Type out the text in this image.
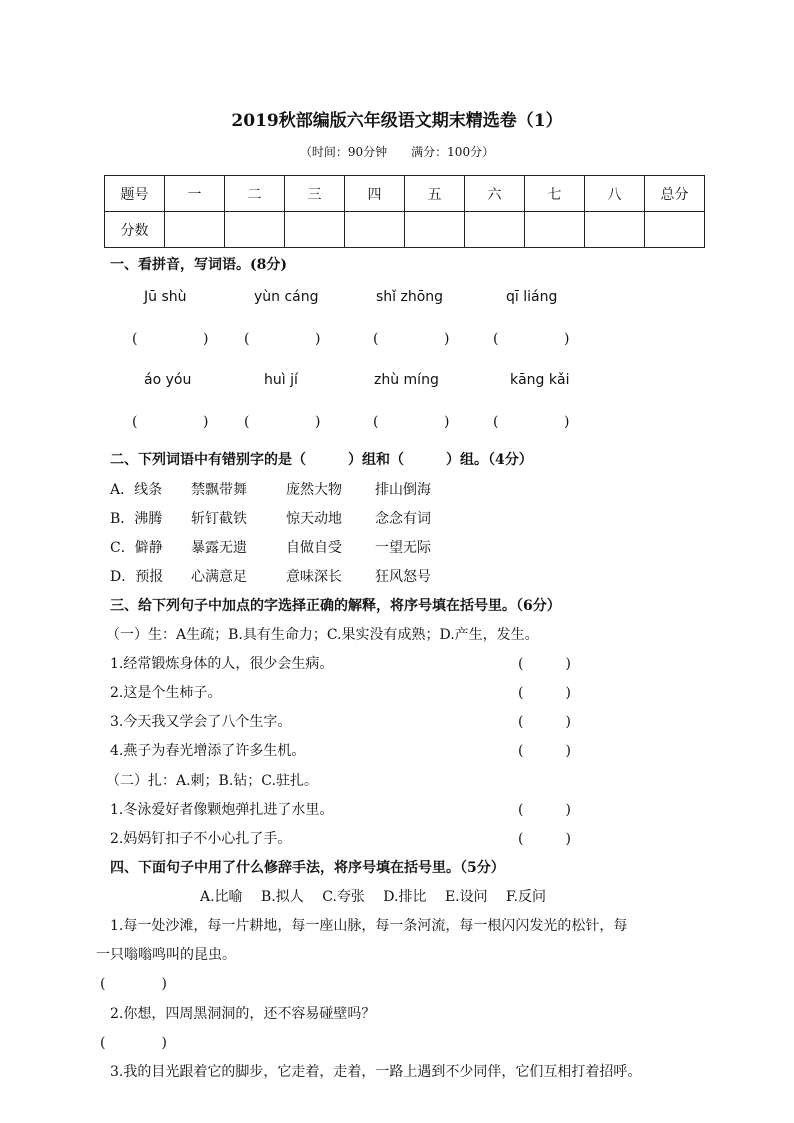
2019秋部编版六年级语文期末精选卷（1）
（时间：90分钟　　满分：100分）
题号	一	二	三	四	五	六	七	八	总分
分数									
一、看拼音，写词语。(8分)
Jū shù	yùn cáng	shǐ zhōng	qī liáng
(	)	(	)	(	)	(	)
áo yóu	huì jí	zhù míng	kāng kǎi
(	)	(	)	(	)	(	)
二、下列词语中有错别字的是（　　　）组和（　　　）组。（4分）
A．线条 禁飘带舞	庞然大物 排山倒海
B．沸腾 斩钉截铁	惊天动地 念念有词
C．僻静 暴露无遗	自做自受 一望无际
D．预报 心满意足	意味深长 狂风怒号
三、给下列句子中加点的字选择正确的解释，将序号填在括号里。（6分）
（一）生：A生疏；B.具有生命力；C.果实没有成熟；D.产生，发生。
1.经常锻炼身体的人，很少会生病。	(　　　)
2.这是个生柿子。	(　　　)
3.今天我又学会了八个生字。	(　　　)
4.燕子为春光增添了许多生机。	(　　　)
（二）扎：A.刺；B.钻；C.驻扎。
1.冬泳爱好者像颗炮弹扎进了水里。	(　　　)
2.妈妈钉扣子不小心扎了手。	(　　　)
四、下面句子中用了什么修辞手法，将序号填在括号里。（5分）
A.比喻　 B.拟人　 C.夸张　 D.排比　 E.设问　 F.反问
1.每一处沙滩，每一片耕地，每一座山脉，每一条河流，每一根闪闪发光的松针，每
一只嗡嗡鸣叫的昆虫。
(　　　　)
2.你想，四周黑洞洞的，还不容易碰壁吗？
(　　　　)
3.我的目光跟着它的脚步，它走着，走着，一路上遇到不少同伴，它们互相打着招呼。
